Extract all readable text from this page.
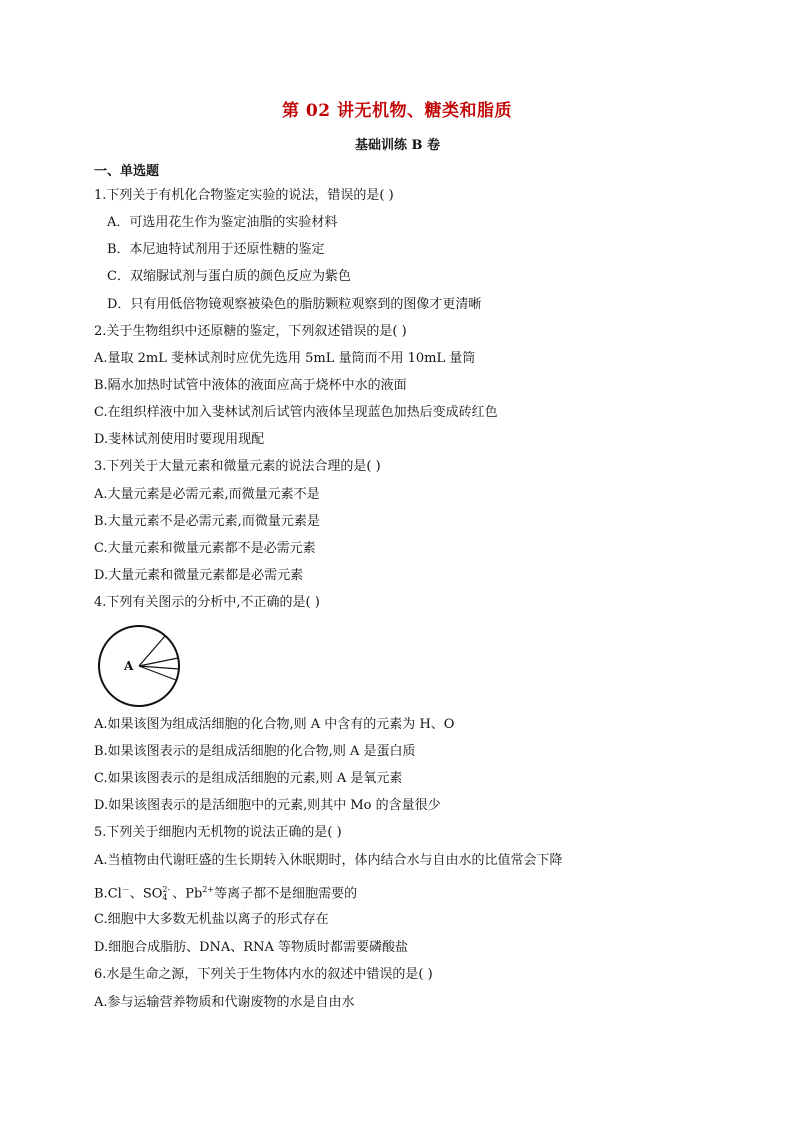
第 02 讲无机物、糖类和脂质
基础训练 B 卷
一、单选题
1.下列关于有机化合物鉴定实验的说法，错误的是( )
A．可选用花生作为鉴定油脂的实验材料
B．本尼迪特试剂用于还原性糖的鉴定
C．双缩脲试剂与蛋白质的颜色反应为紫色
D．只有用低倍物镜观察被染色的脂肪颗粒观察到的图像才更清晰
2.关于生物组织中还原糖的鉴定，下列叙述错误的是( )
A.量取 2mL 斐林试剂时应优先选用 5mL 量筒而不用 10mL 量筒
B.隔水加热时试管中液体的液面应高于烧杯中水的液面
C.在组织样液中加入斐林试剂后试管内液体呈现蓝色加热后变成砖红色
D.斐林试剂使用时要现用现配
3.下列关于大量元素和微量元素的说法合理的是( )
A.大量元素是必需元素,而微量元素不是
B.大量元素不是必需元素,而微量元素是
C.大量元素和微量元素都不是必需元素
D.大量元素和微量元素都是必需元素
4.下列有关图示的分析中,不正确的是( )
A
A.如果该图为组成活细胞的化合物,则 A 中含有的元素为 H、O
B.如果该图表示的是组成活细胞的化合物,则 A 是蛋白质
C.如果该图表示的是组成活细胞的元素,则 A 是氧元素
D.如果该图表示的是活细胞中的元素,则其中 Mo 的含量很少
5.下列关于细胞内无机物的说法正确的是( )
A.当植物由代谢旺盛的生长期转入休眠期时，体内结合水与自由水的比值常会下降
B.Cl－、SO 2-
4 、$Pb^{2+}$等离子都不是细胞需要的
C.细胞中大多数无机盐以离子的形式存在
D.细胞合成脂肪、DNA、RNA 等物质时都需要磷酸盐
6.水是生命之源，下列关于生物体内水的叙述中错误的是( )
A.参与运输营养物质和代谢废物的水是自由水
